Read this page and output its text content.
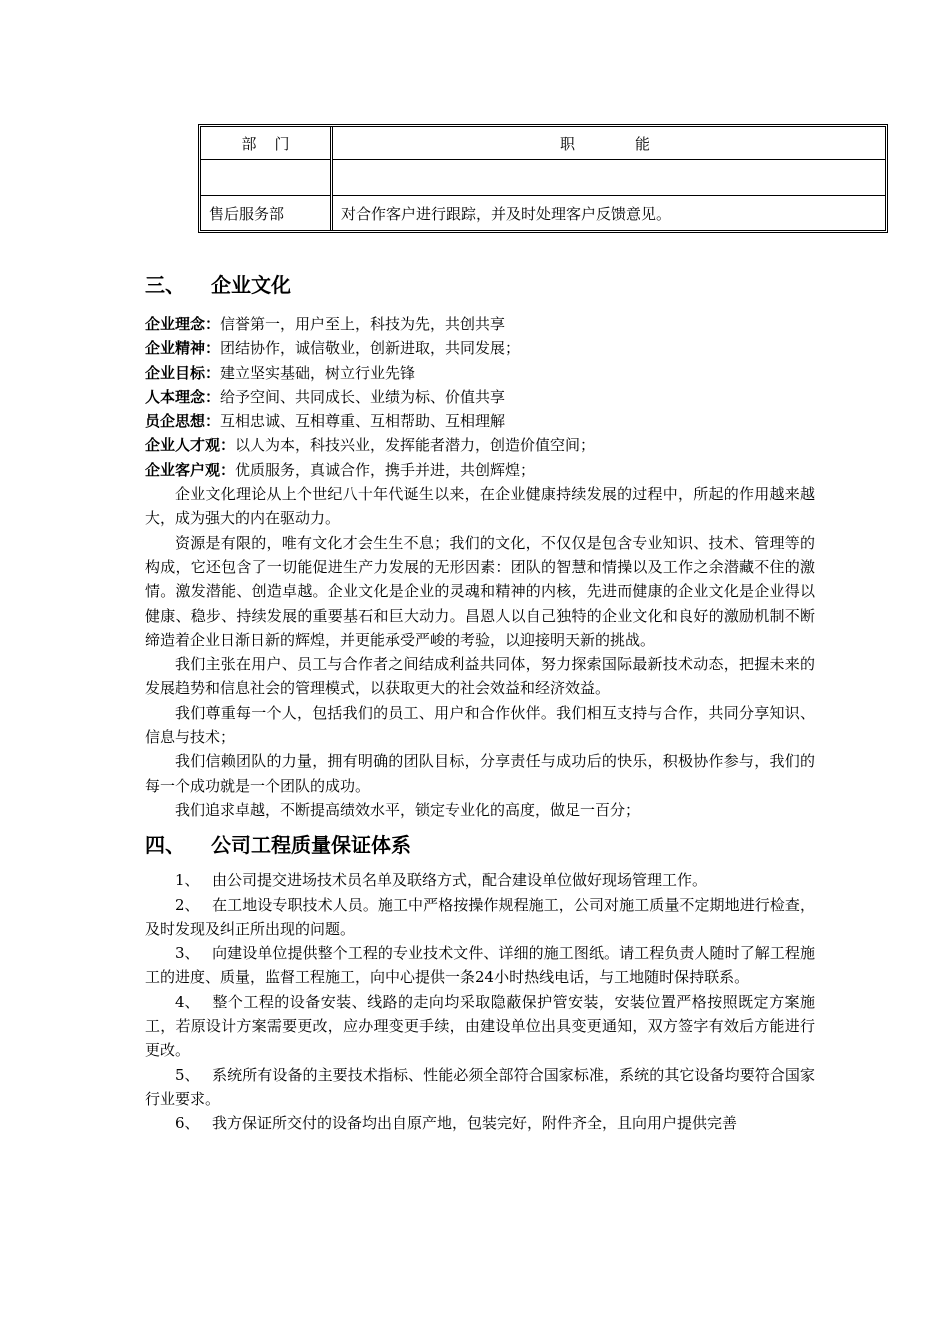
部门	职能

售后服务部	对合作客户进行跟踪，并及时处理客户反馈意见。
三、 企业文化
企业理念：信誉第一，用户至上，科技为先，共创共享
企业精神：团结协作，诚信敬业，创新进取，共同发展；
企业目标：建立坚实基础，树立行业先锋
人本理念：给予空间、共同成长、业绩为标、价值共享
员企思想：互相忠诚、互相尊重、互相帮助、互相理解
企业人才观：以人为本，科技兴业，发挥能者潜力，创造价值空间；
企业客户观：优质服务，真诚合作，携手并进，共创辉煌；

企业文化理论从上个世纪八十年代诞生以来，在企业健康持续发展的过程中，所起的作用越来越大，成为强大的内在驱动力。

资源是有限的，唯有文化才会生生不息；我们的文化，不仅仅是包含专业知识、技术、管理等的构成，它还包含了一切能促进生产力发展的无形因素：团队的智慧和情操以及工作之余潜藏不住的激情。激发潜能、创造卓越。企业文化是企业的灵魂和精神的内核，先进而健康的企业文化是企业得以健康、稳步、持续发展的重要基石和巨大动力。昌恩人以自己独特的企业文化和良好的激励机制不断缔造着企业日渐日新的辉煌，并更能承受严峻的考验，以迎接明天新的挑战。

我们主张在用户、员工与合作者之间结成利益共同体，努力探索国际最新技术动态，把握未来的发展趋势和信息社会的管理模式，以获取更大的社会效益和经济效益。

我们尊重每一个人，包括我们的员工、用户和合作伙伴。我们相互支持与合作，共同分享知识、信息与技术；

我们信赖团队的力量，拥有明确的团队目标，分享责任与成功后的快乐，积极协作参与，我们的每一个成功就是一个团队的成功。

我们追求卓越，不断提高绩效水平，锁定专业化的高度，做足一百分；

四、 公司工程质量保证体系

1、 由公司提交进场技术员名单及联络方式，配合建设单位做好现场管理工作。

2、 在工地设专职技术人员。施工中严格按操作规程施工，公司对施工质量不定期地进行检查，及时发现及纠正所出现的问题。

3、 向建设单位提供整个工程的专业技术文件、详细的施工图纸。请工程负责人随时了解工程施工的进度、质量，监督工程施工，向中心提供一条24小时热线电话，与工地随时保持联系。

4、 整个工程的设备安装、线路的走向均采取隐蔽保护管安装，安装位置严格按照既定方案施工，若原设计方案需要更改，应办理变更手续，由建设单位出具变更通知，双方签字有效后方能进行更改。

5、 系统所有设备的主要技术指标、性能必须全部符合国家标准，系统的其它设备均要符合国家行业要求。

6、 我方保证所交付的设备均出自原产地，包装完好，附件齐全，且向用户提供完善
